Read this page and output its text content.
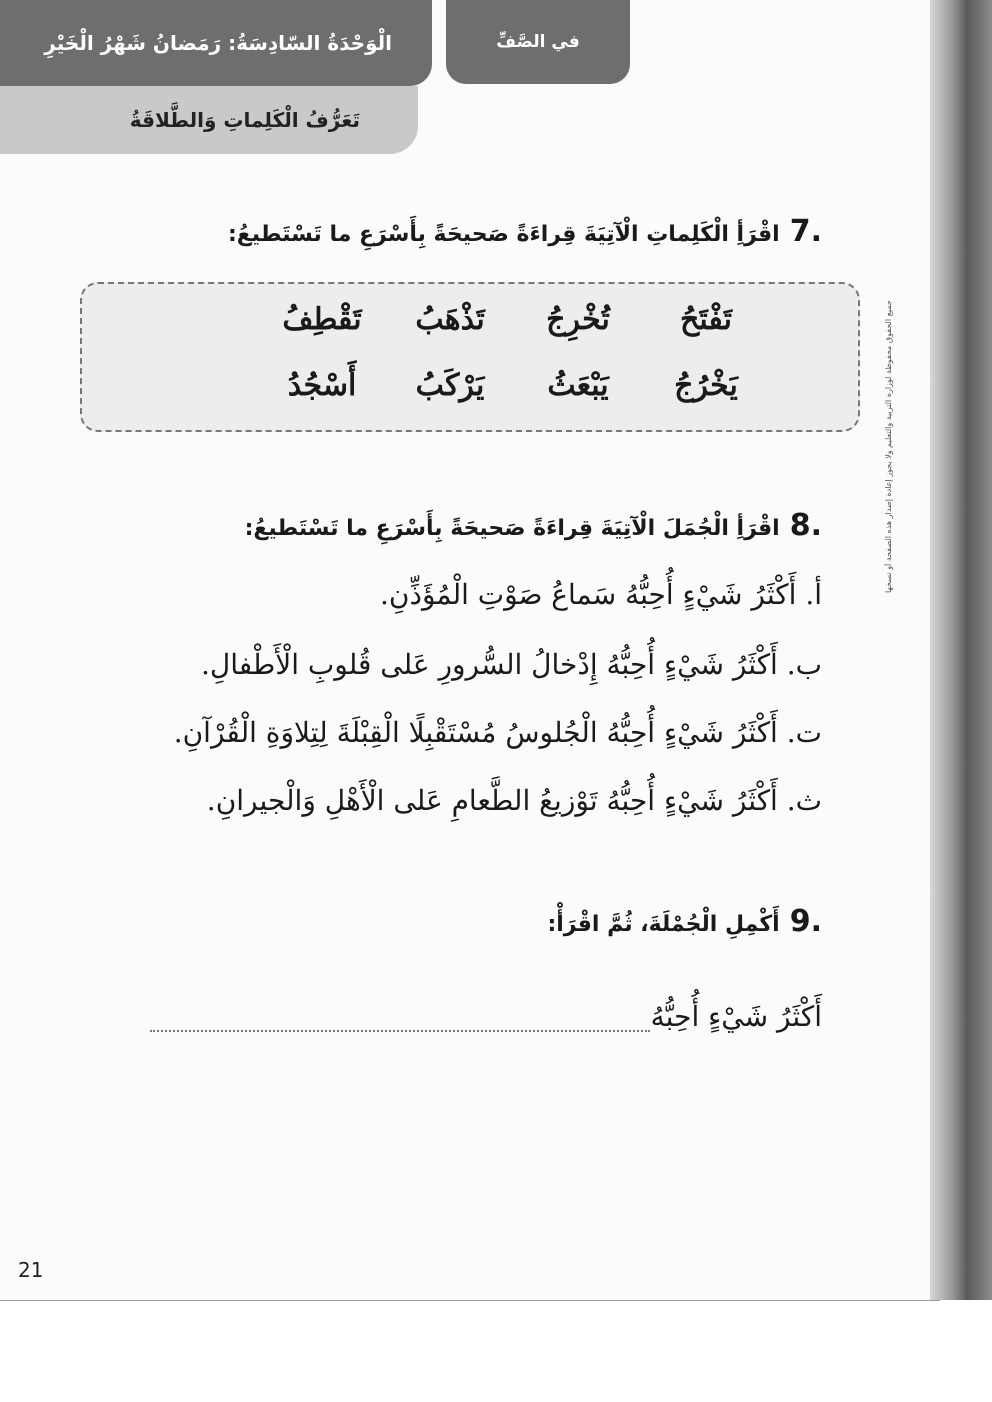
الْوَحْدَةُ السّادِسَةُ: رَمَضانُ شَهْرُ الْخَيْرِ
تَعَرُّفُ الْكَلِماتِ وَالطَّلاقَةُ
في الصَّفِّ
7.
اقْرَأِ الْكَلِماتِ الْآتِيَةَ قِراءَةً صَحيحَةً بِأَسْرَعِ ما تَسْتَطيعُ:
تَفْتَحُ
تُخْرِجُ
تَذْهَبُ
تَقْطِفُ
يَخْرُجُ
يَبْعَثُ
يَرْكَبُ
أَسْجُدُ
8.
اقْرَأِ الْجُمَلَ الْآتِيَةَ قِراءَةً صَحيحَةً بِأَسْرَعِ ما تَسْتَطيعُ:
أ. أَكْثَرُ شَيْءٍ أُحِبُّهُ سَماعُ صَوْتِ الْمُؤَذِّنِ.
ب. أَكْثَرُ شَيْءٍ أُحِبُّهُ إِدْخالُ السُّرورِ عَلى قُلوبِ الْأَطْفالِ.
ت. أَكْثَرُ شَيْءٍ أُحِبُّهُ الْجُلوسُ مُسْتَقْبِلًا الْقِبْلَةَ لِتِلاوَةِ الْقُرْآنِ.
ث. أَكْثَرُ شَيْءٍ أُحِبُّهُ تَوْزيعُ الطَّعامِ عَلى الْأَهْلِ وَالْجيرانِ.
9.
أَكْمِلِ الْجُمْلَةَ، ثُمَّ اقْرَأْ:
أَكْثَرُ شَيْءٍ أُحِبُّهُ
جميع الحقوق محفوظة لوزارة التربية والتعليم ولا يجوز إعادة إصدار هذه الصفحة أو نسخها
21
